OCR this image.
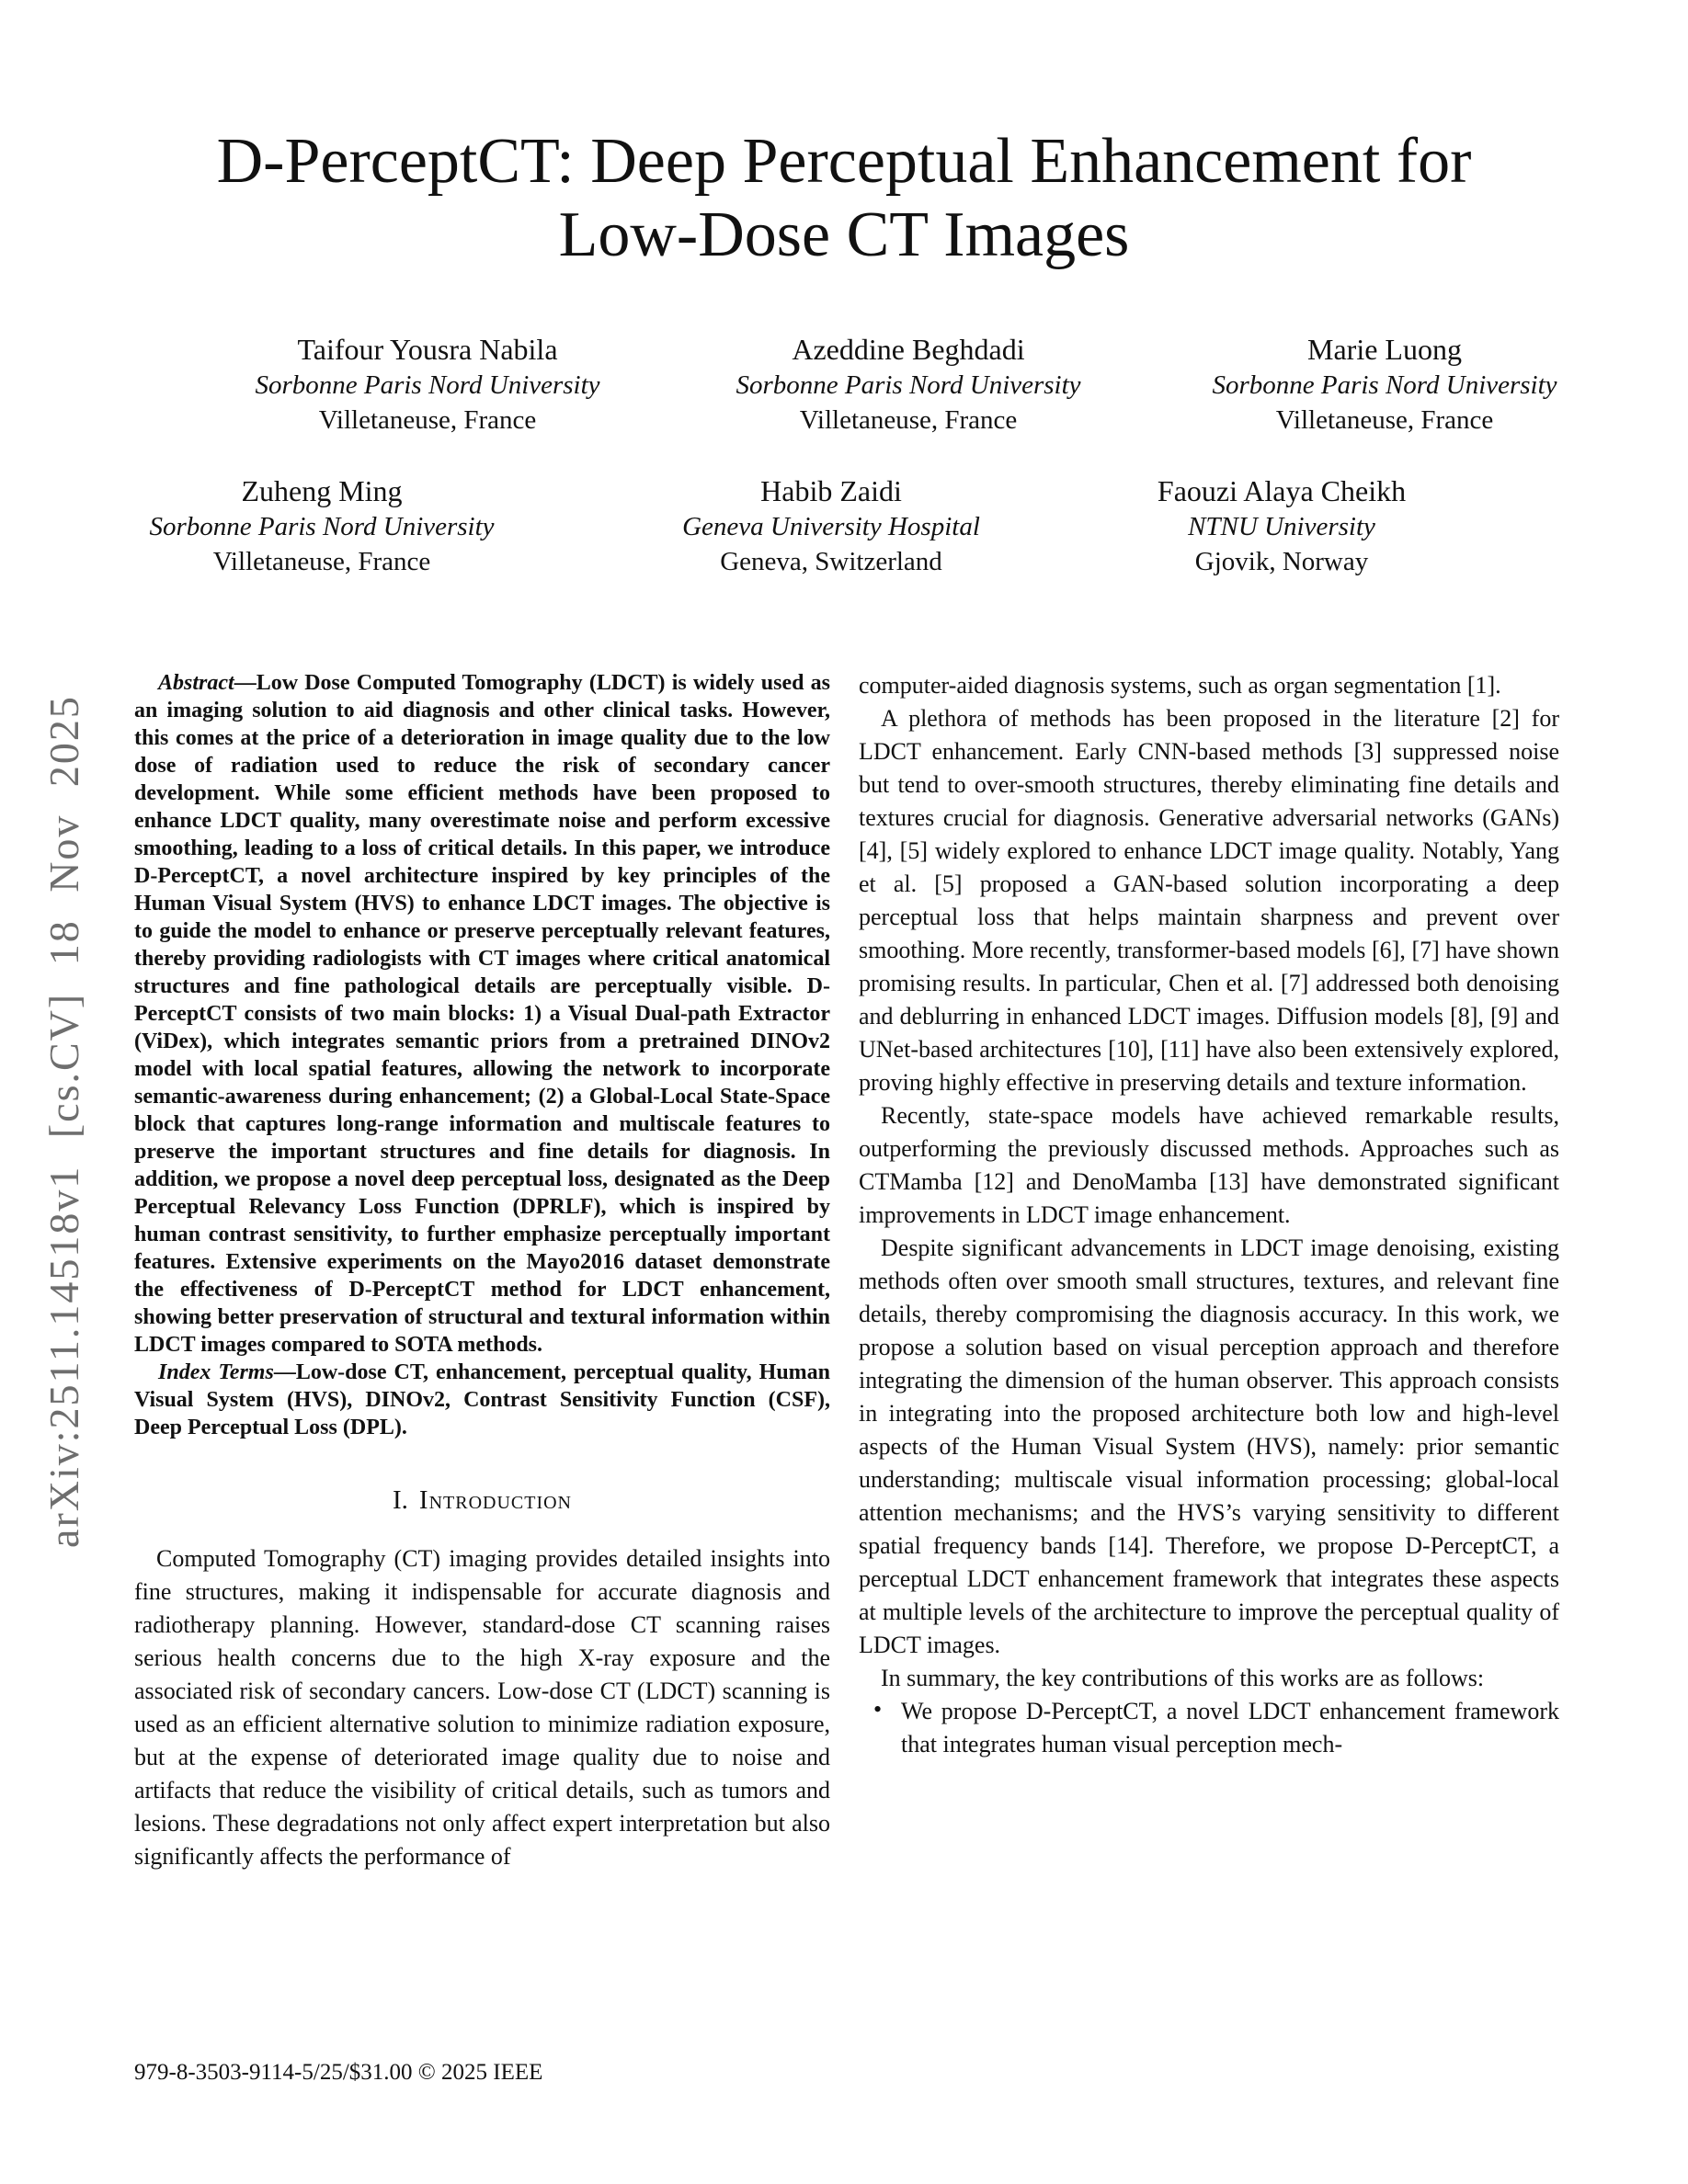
arXiv:2511.14518v1 [cs.CV] 18 Nov 2025
D-PerceptCT: Deep Perceptual Enhancement for
Low-Dose CT Images
Taifour Yousra Nabila
Sorbonne Paris Nord University
Villetaneuse, France
Azeddine Beghdadi
Sorbonne Paris Nord University
Villetaneuse, France
Marie Luong
Sorbonne Paris Nord University
Villetaneuse, France
Zuheng Ming
Sorbonne Paris Nord University
Villetaneuse, France
Habib Zaidi
Geneva University Hospital
Geneva, Switzerland
Faouzi Alaya Cheikh
NTNU University
Gjovik, Norway

Abstract—Low Dose Computed Tomography (LDCT) is widely used as an imaging solution to aid diagnosis and other clinical tasks. However, this comes at the price of a deterioration in image quality due to the low dose of radiation used to reduce the risk of secondary cancer development. While some efficient methods have been proposed to enhance LDCT quality, many overestimate noise and perform excessive smoothing, leading to a loss of critical details. In this paper, we introduce D-PerceptCT, a novel architecture inspired by key principles of the Human Visual System (HVS) to enhance LDCT images. The objective is to guide the model to enhance or preserve perceptually relevant features, thereby providing radiologists with CT images where critical anatomical structures and fine pathological details are perceptually visible. D-PerceptCT consists of two main blocks: 1) a Visual Dual-path Extractor (ViDex), which integrates semantic priors from a pretrained DINOv2 model with local spatial features, allowing the network to incorporate semantic-awareness during enhancement; (2) a Global-Local State-Space block that captures long-range information and multiscale features to preserve the important structures and fine details for diagnosis. In addition, we propose a novel deep perceptual loss, designated as the Deep Perceptual Relevancy Loss Function (DPRLF), which is inspired by human contrast sensitivity, to further emphasize perceptually important features. Extensive experiments on the Mayo2016 dataset demonstrate the effectiveness of D-PerceptCT method for LDCT enhancement, showing better preservation of structural and textural information within LDCT images compared to SOTA methods.

Index Terms—Low-dose CT, enhancement, perceptual quality, Human Visual System (HVS), DINOv2, Contrast Sensitivity Function (CSF), Deep Perceptual Loss (DPL).

I. Introduction

Computed Tomography (CT) imaging provides detailed insights into fine structures, making it indispensable for accurate diagnosis and radiotherapy planning. However, standard-dose CT scanning raises serious health concerns due to the high X-ray exposure and the associated risk of secondary cancers. Low-dose CT (LDCT) scanning is used as an efficient alternative solution to minimize radiation exposure, but at the expense of deteriorated image quality due to noise and artifacts that reduce the visibility of critical details, such as tumors and lesions. These degradations not only affect expert interpretation but also significantly affects the performance of

computer-aided diagnosis systems, such as organ segmentation [1].

A plethora of methods has been proposed in the literature [2] for LDCT enhancement. Early CNN-based methods [3] suppressed noise but tend to over-smooth structures, thereby eliminating fine details and textures crucial for diagnosis. Generative adversarial networks (GANs) [4], [5] widely explored to enhance LDCT image quality. Notably, Yang et al. [5] proposed a GAN-based solution incorporating a deep perceptual loss that helps maintain sharpness and prevent over smoothing. More recently, transformer-based models [6], [7] have shown promising results. In particular, Chen et al. [7] addressed both denoising and deblurring in enhanced LDCT images. Diffusion models [8], [9] and UNet-based architectures [10], [11] have also been extensively explored, proving highly effective in preserving details and texture information.

Recently, state-space models have achieved remarkable results, outperforming the previously discussed methods. Approaches such as CTMamba [12] and DenoMamba [13] have demonstrated significant improvements in LDCT image enhancement.

Despite significant advancements in LDCT image denoising, existing methods often over smooth small structures, textures, and relevant fine details, thereby compromising the diagnosis accuracy. In this work, we propose a solution based on visual perception approach and therefore integrating the dimension of the human observer. This approach consists in integrating into the proposed architecture both low and high-level aspects of the Human Visual System (HVS), namely: prior semantic understanding; multiscale visual information processing; global-local attention mechanisms; and the HVS’s varying sensitivity to different spatial frequency bands [14]. Therefore, we propose D-PerceptCT, a perceptual LDCT enhancement framework that integrates these aspects at multiple levels of the architecture to improve the perceptual quality of LDCT images.

In summary, the key contributions of this works are as follows:

• We propose D-PerceptCT, a novel LDCT enhancement framework that integrates human visual perception mech-
979-8-3503-9114-5/25/$31.00 © 2025 IEEE
